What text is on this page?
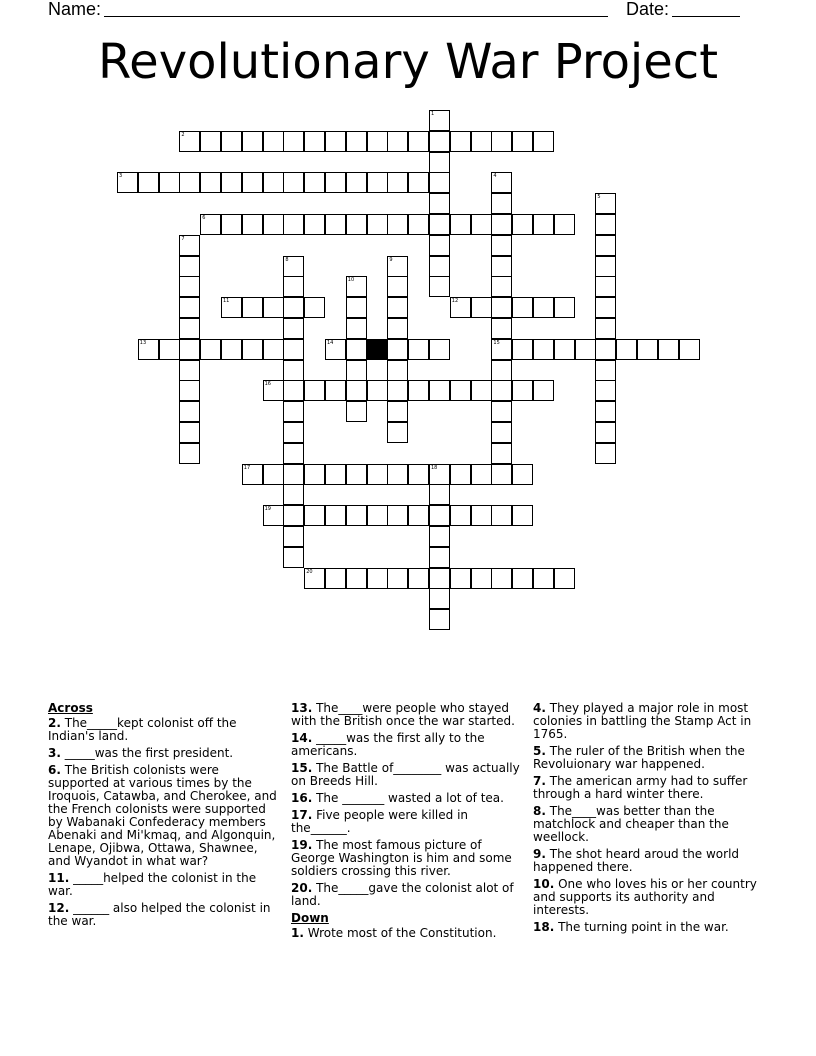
Name:	Date:
Revolutionary War Project
2
3
6
11	12
13	14	15
16
17	18
19
20
1
4
5
7
8	9
10
Across
2. The_____kept colonist off the Indian's land.
3. _____was the first president.
6. The British colonists were supported at various times by the Iroquois, Catawba, and Cherokee, and the French colonists were supported by Wabanaki Confederacy members Abenaki and Mi'kmaq, and Algonquin, Lenape, Ojibwa, Ottawa, Shawnee, and Wyandot in what war?
11. _____helped the colonist in the war.
12. ______ also helped the colonist in the war.
13. The____were people who stayed with the British once the war started.
14. _____was the first ally to the americans.
15. The Battle of________ was actually on Breeds Hill.
16. The _______ wasted a lot of tea.
17. Five people were killed in the______.
19. The most famous picture of George Washington is him and some soldiers crossing this river.
20. The_____gave the colonist alot of land.
Down
1. Wrote most of the Constitution.
4. They played a major role in most colonies in battling the Stamp Act in 1765.
5. The ruler of the British when the Revoluionary war happened.
7. The american army had to suffer through a hard winter there.
8. The____was better than the matchlock and cheaper than the weellock.
9. The shot heard aroud the world happened there.
10. One who loves his or her country and supports its authority and interests.
18. The turning point in the war.
